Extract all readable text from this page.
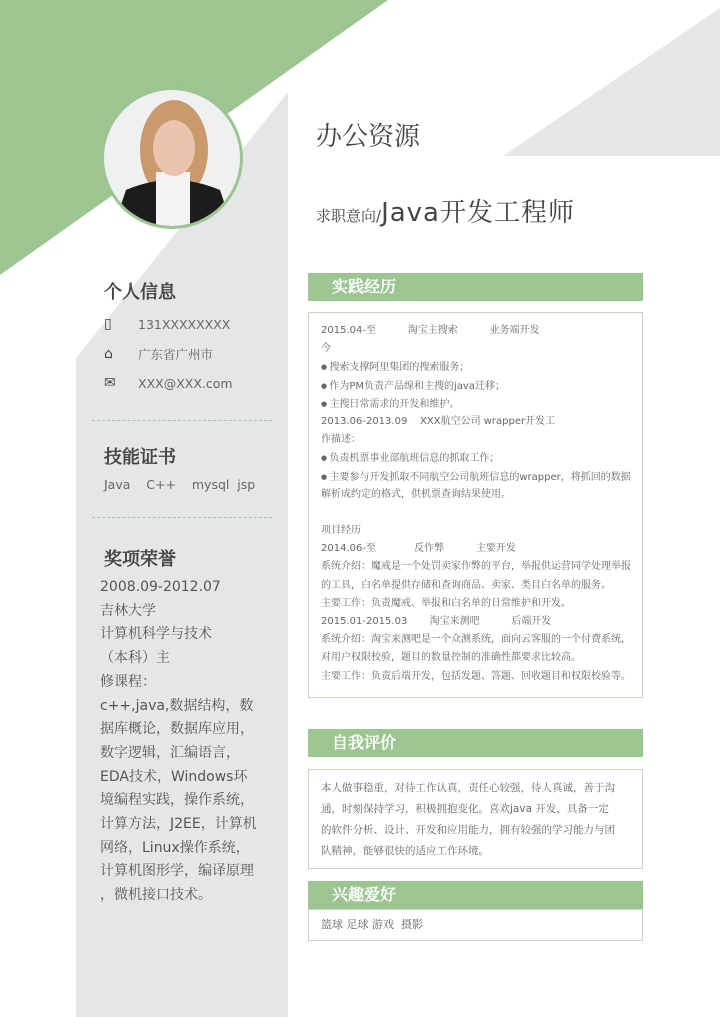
办公资源
求职意向/Java开发工程师
个人信息
▯	131XXXXXXXX
⌂	广东省广州市
✉	XXX@XXX.com
技能证书
Java    C++    mysql  jsp
奖项荣誉
2008.09-2012.07
吉林大学
计算机科学与技术
（本科）主
修课程：
c++,java,数据结构，数
据库概论，数据库应用，
数字逻辑，汇编语言，
EDA技术，Windows环
境编程实践，操作系统，
计算方法，J2EE，计算机
网络，Linux操作系统，
计算机图形学，编译原理
，微机接口技术。
实践经历
2015.04-至          淘宝主搜索          业务端开发
今
● 搜索支撑阿里集团的搜索服务；
● 作为PM负责产品缐和主搜的java迁移；
● 主搜日常需求的开发和维护。
2013.06-2013.09    XXX航空公司 wrapper开发工
作描述：
● 负责机票事业部航班信息的抓取工作；
● 主要参与开发抓取不同航空公司航班信息的wrapper，将抓回的数据
解析成约定的格式，供机票查询结果使用。
项目经历
2014.06-至            反作弊          主要开发
系统介绍：魔戒是一个处罚卖家作弊的平台，举报供运营同学处理举报
的工具，白名单提供存储和查询商品、卖家、类目白名单的服务。
主要工作：负责魔戒、举报和白名单的日常维护和开发。
2015.01-2015.03       淘宝来测吧          后端开发
系统介绍：淘宝来测吧是一个众测系统，面向云客服的一个付费系统，
对用户权限校验，题目的数量控制的准确性都要求比较高。
主要工作：负责后端开发，包括发题、答题、回收题目和权限校验等。
自我评价
本人做事稳重，对待工作认真，责任心较强，待人真诚，善于沟
通，时刻保持学习，积极拥抱变化。喜欢java 开发，具备一定
的软件分析、设计、开发和应用能力，拥有较强的学习能力与团
队精神，能够很快的适应工作环境。
兴趣爱好
篮球 足球 游戏  摄影
